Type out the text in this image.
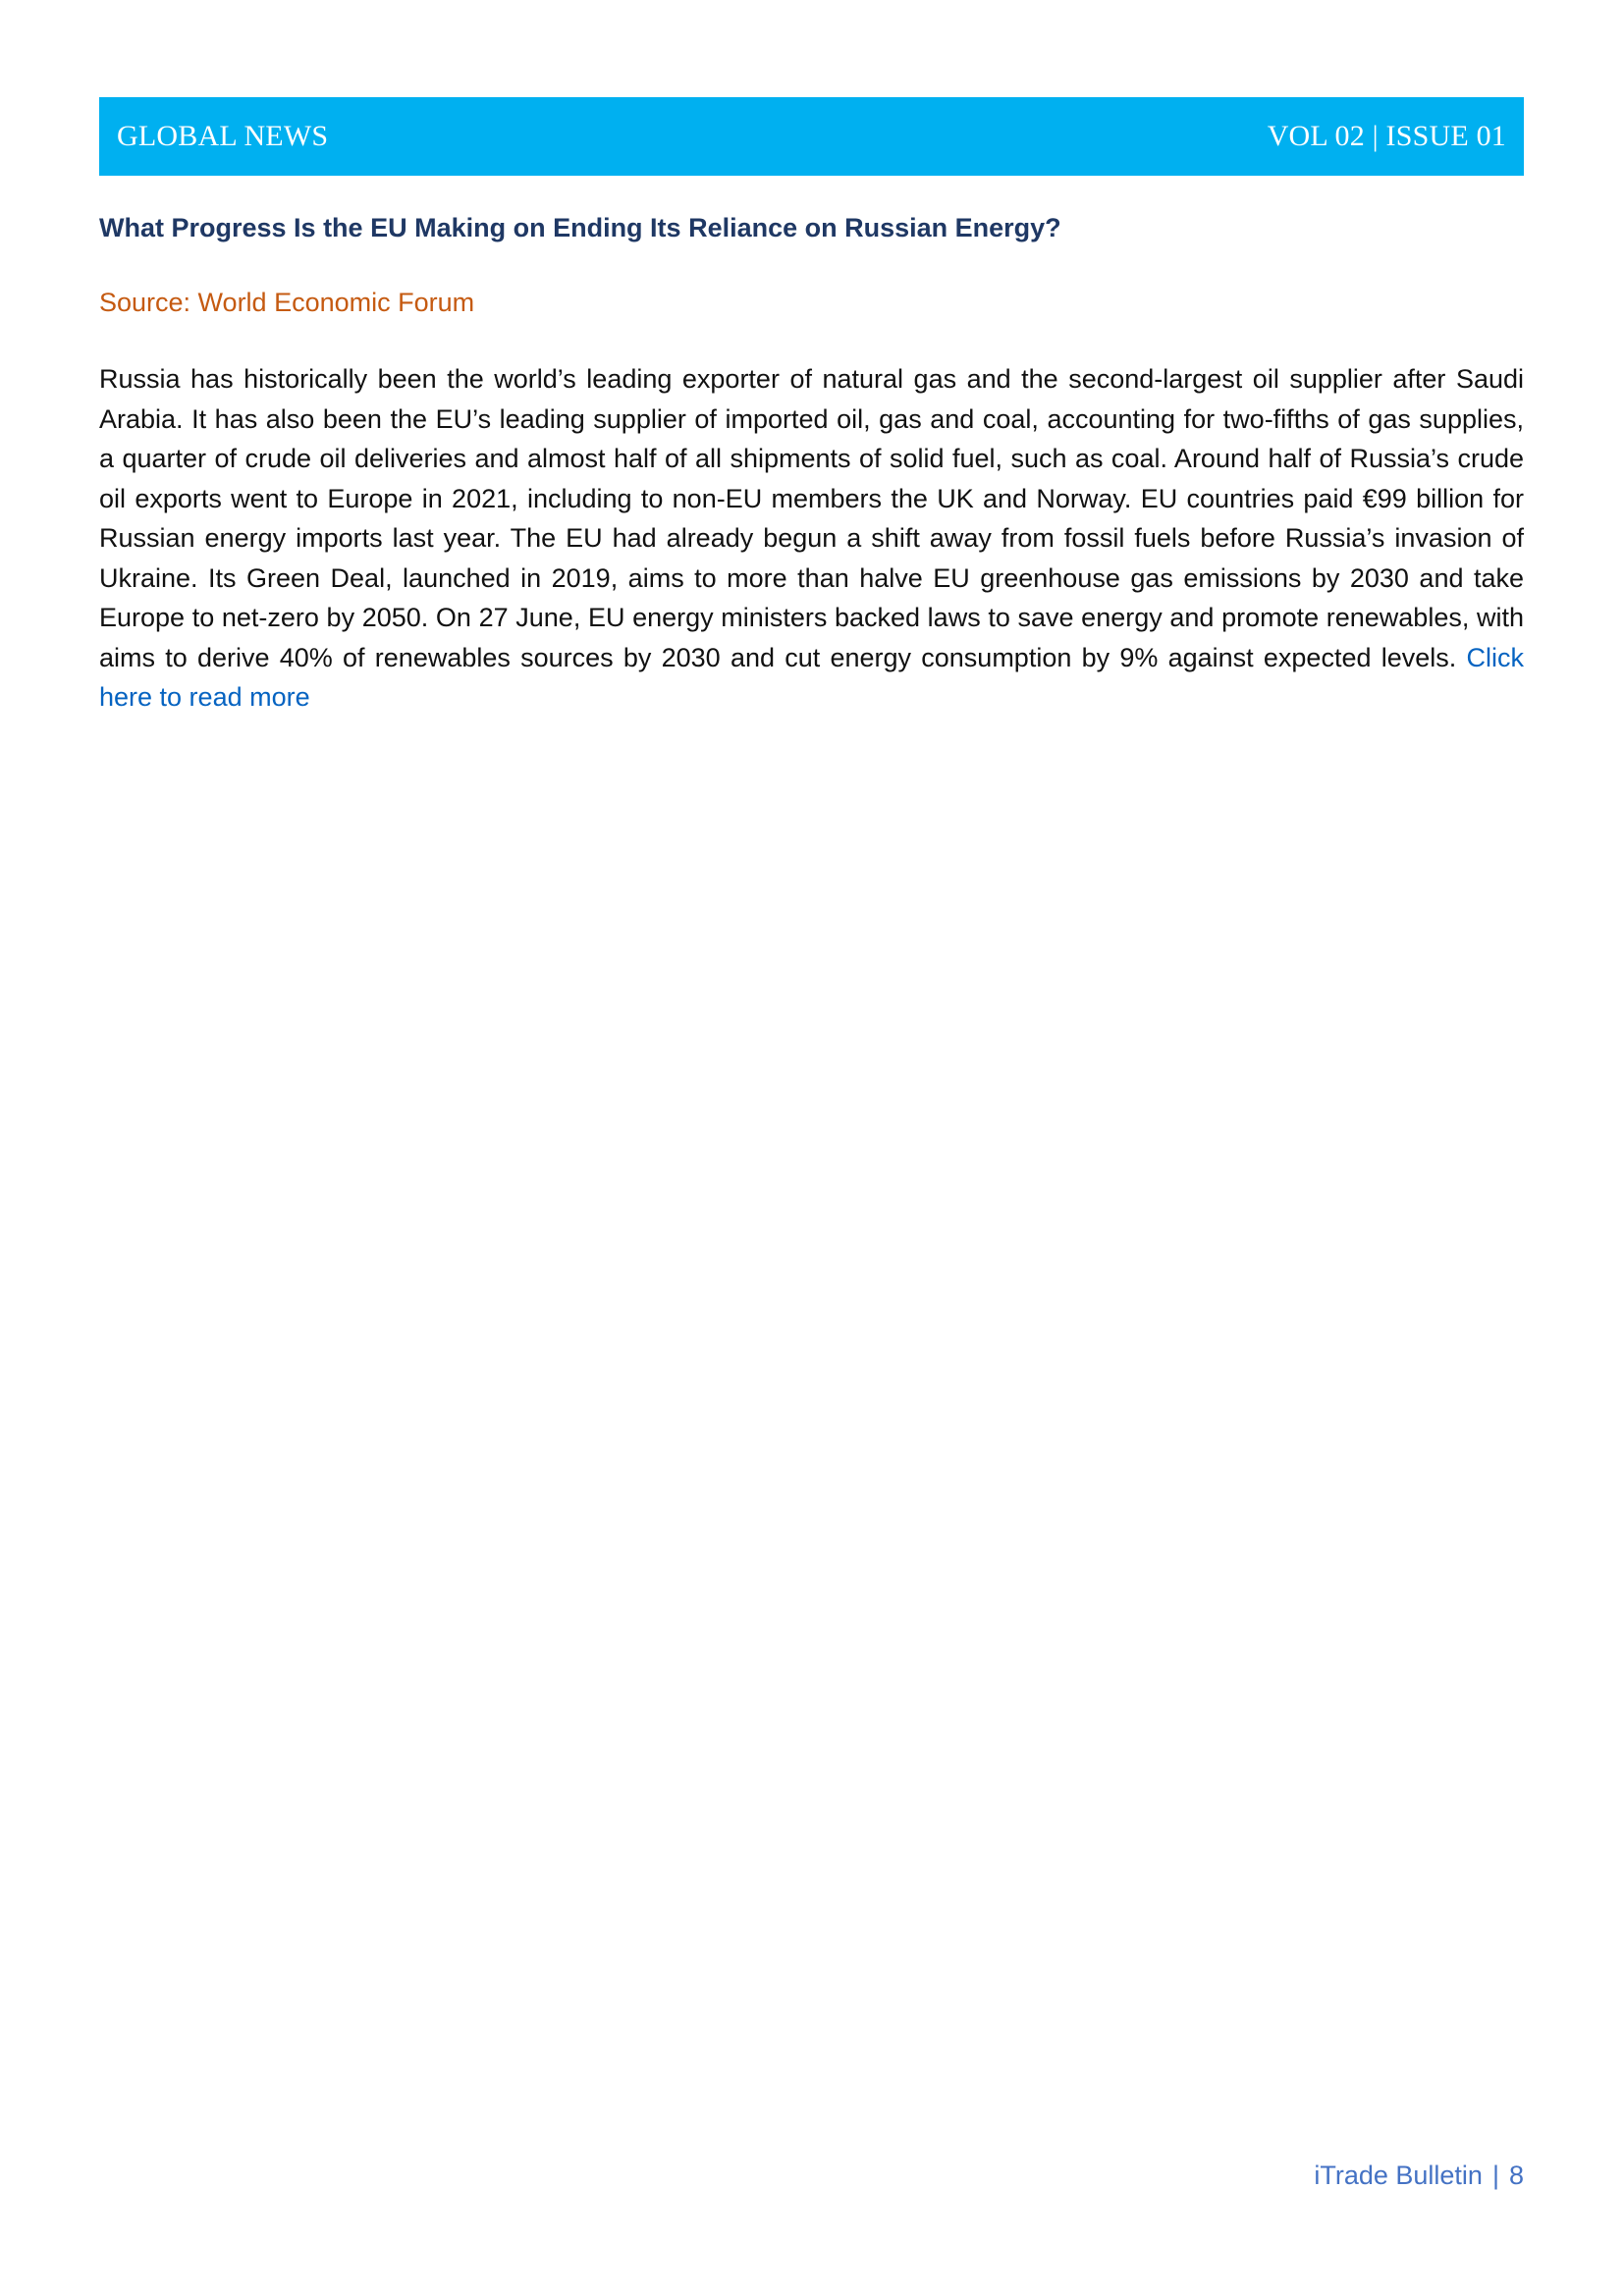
GLOBAL NEWS	VOL 02 | ISSUE 01
What Progress Is the EU Making on Ending Its Reliance on Russian Energy?

Source: World Economic Forum

Russia has historically been the world’s leading exporter of natural gas and the second-largest oil supplier after Saudi Arabia. It has also been the EU’s leading supplier of imported oil, gas and coal, accounting for two-fifths of gas supplies, a quarter of crude oil deliveries and almost half of all shipments of solid fuel, such as coal. Around half of Russia’s crude oil exports went to Europe in 2021, including to non-EU members the UK and Norway. EU countries paid €99 billion for Russian energy imports last year. The EU had already begun a shift away from fossil fuels before Russia’s invasion of Ukraine. Its Green Deal, launched in 2019, aims to more than halve EU greenhouse gas emissions by 2030 and take Europe to net-zero by 2050. On 27 June, EU energy ministers backed laws to save energy and promote renewables, with aims to derive 40% of renewables sources by 2030 and cut energy consumption by 9% against expected levels. Click here to read more

iTrade Bulletin | 8
